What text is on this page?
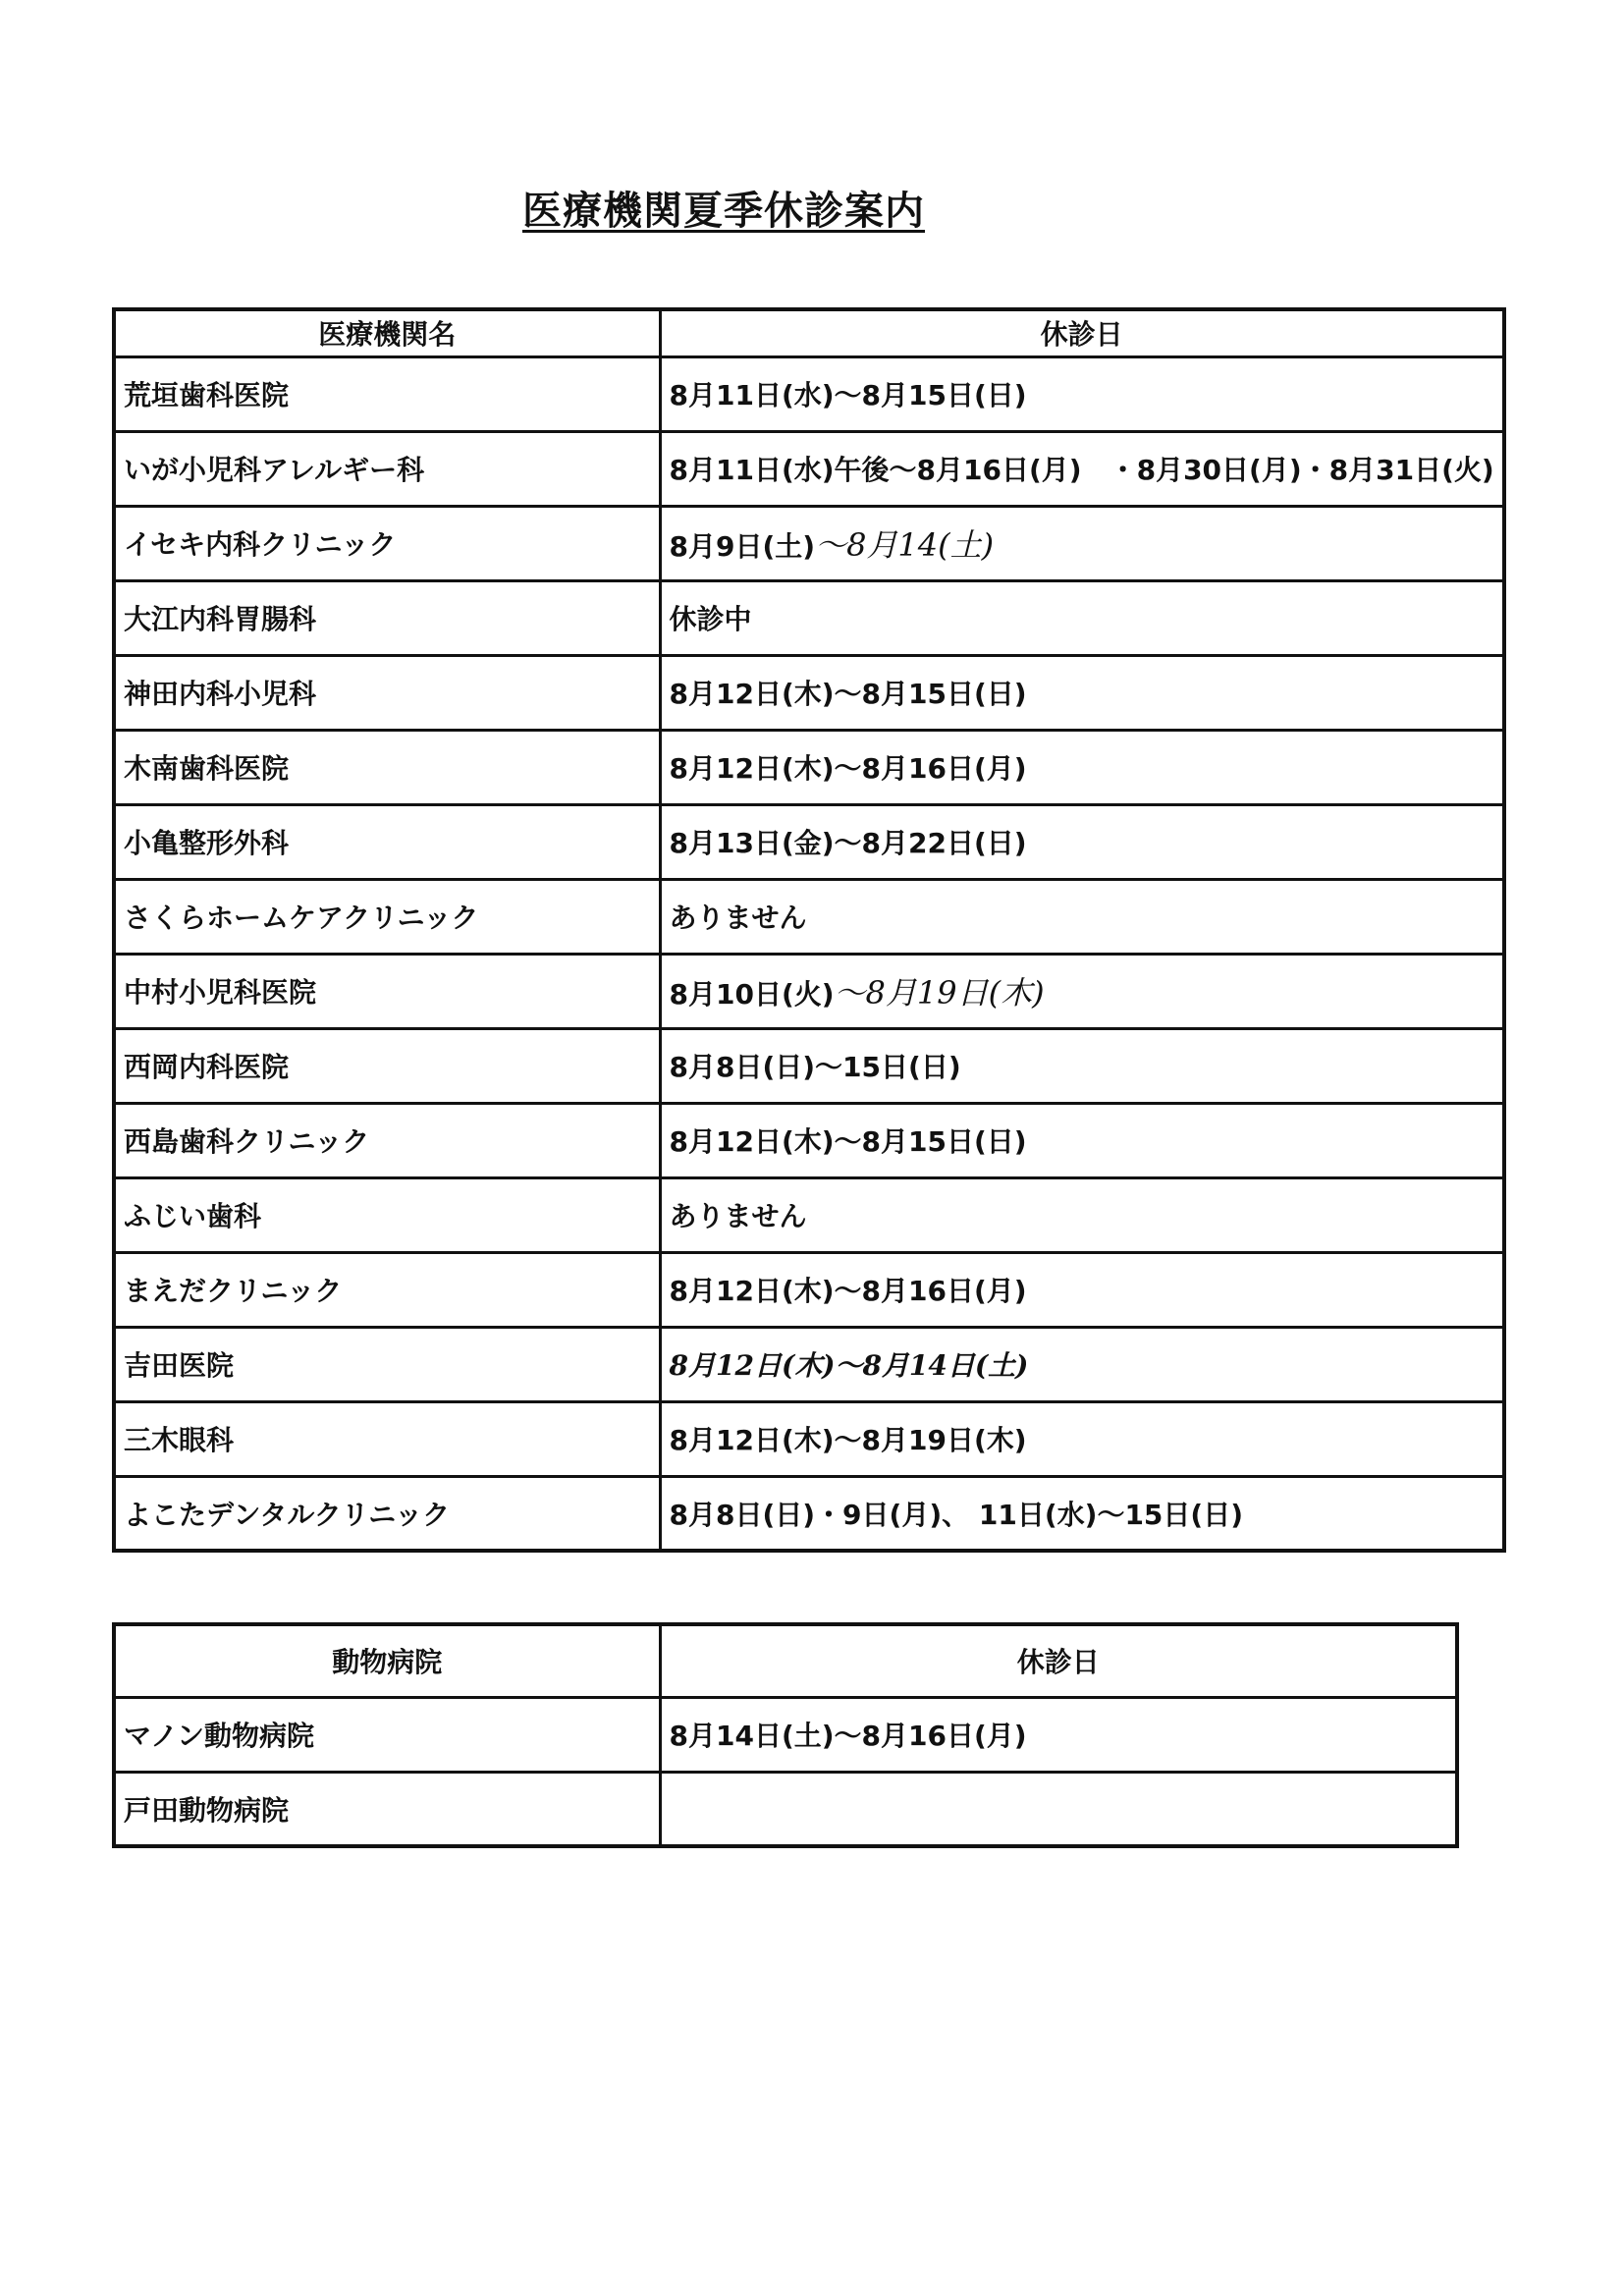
医療機関夏季休診案内
医療機関名	休診日
荒垣歯科医院	8月11日(水)～8月15日(日)
いが小児科アレルギー科	8月11日(水)午後～8月16日(月)　・8月30日(月)・8月31日(火)
イセキ内科クリニック	8月9日(土)～8月14(土)
大江内科胃腸科	休診中
神田内科小児科	8月12日(木)～8月15日(日)
木南歯科医院	8月12日(木)～8月16日(月)
小亀整形外科	8月13日(金)～8月22日(日)
さくらホームケアクリニック	ありません
中村小児科医院	8月10日(火)～8月19日(木)
西岡内科医院	8月8日(日)～15日(日)
西島歯科クリニック	8月12日(木)～8月15日(日)
ふじい歯科	ありません
まえだクリニック	8月12日(木)～8月16日(月)
吉田医院	8月12日(木)～8月14日(土)
三木眼科	8月12日(木)～8月19日(木)
よこたデンタルクリニック	8月8日(日)・9日(月)、 11日(水)～15日(日)
動物病院	休診日
マノン動物病院	8月14日(土)～8月16日(月)
戸田動物病院	
